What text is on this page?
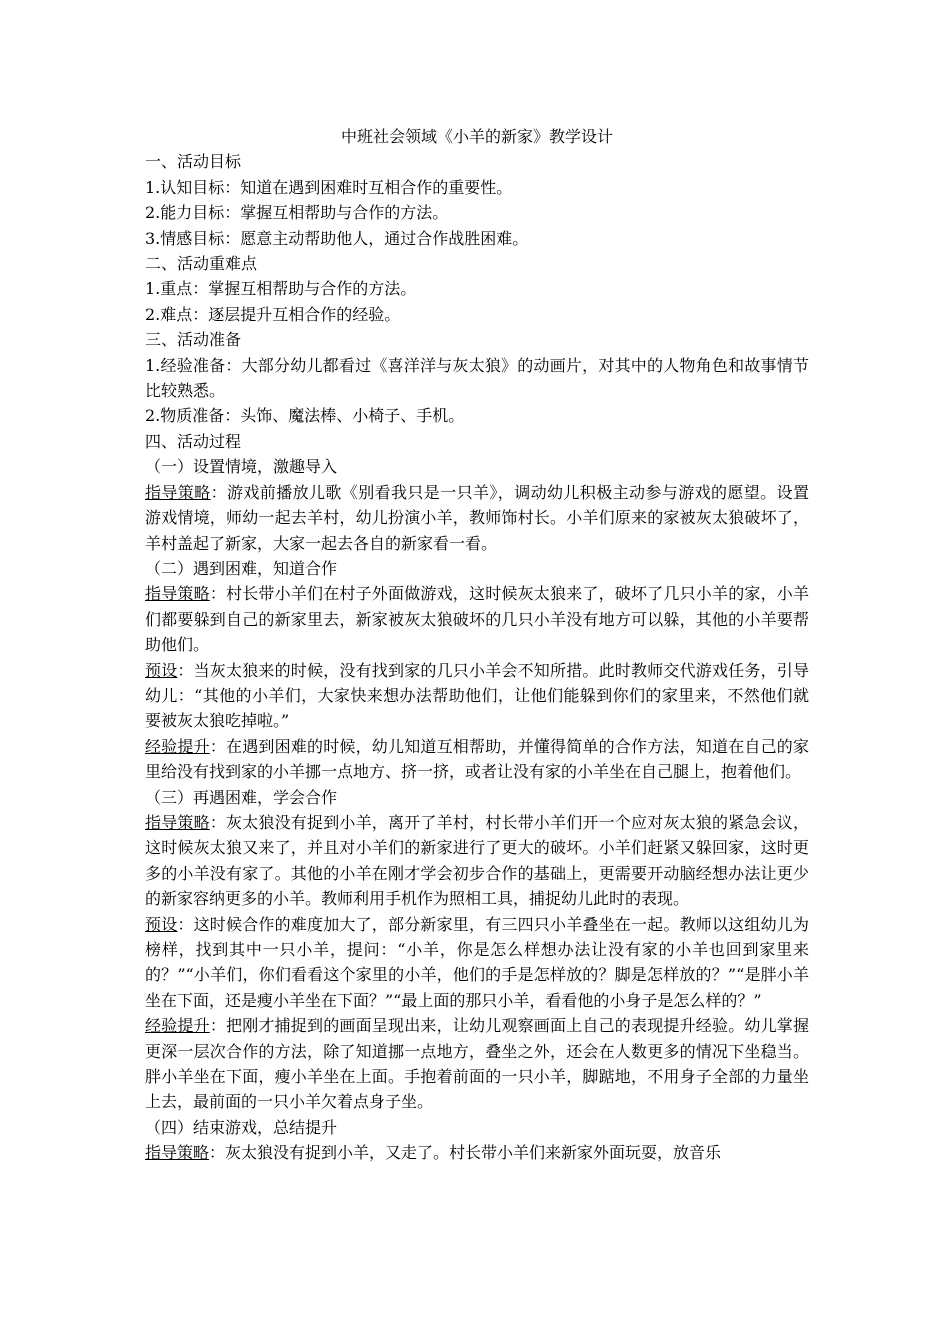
中班社会领域《小羊的新家》教学设计

一、活动目标

1.认知目标：知道在遇到困难时互相合作的重要性。

2.能力目标：掌握互相帮助与合作的方法。

3.情感目标：愿意主动帮助他人，通过合作战胜困难。

二、活动重难点

1.重点：掌握互相帮助与合作的方法。

2.难点：逐层提升互相合作的经验。

三、活动准备

1.经验准备：大部分幼儿都看过《喜洋洋与灰太狼》的动画片，对其中的人物角色和故事情节比较熟悉。

2.物质准备：头饰、魔法棒、小椅子、手机。

四、活动过程

（一）设置情境，激趣导入

指导策略：游戏前播放儿歌《别看我只是一只羊》，调动幼儿积极主动参与游戏的愿望。设置游戏情境，师幼一起去羊村，幼儿扮演小羊，教师饰村长。小羊们原来的家被灰太狼破坏了，羊村盖起了新家，大家一起去各自的新家看一看。

（二）遇到困难，知道合作

指导策略：村长带小羊们在村子外面做游戏，这时候灰太狼来了，破坏了几只小羊的家，小羊们都要躲到自己的新家里去，新家被灰太狼破坏的几只小羊没有地方可以躲，其他的小羊要帮助他们。

预设：当灰太狼来的时候，没有找到家的几只小羊会不知所措。此时教师交代游戏任务，引导幼儿：“其他的小羊们，大家快来想办法帮助他们，让他们能躲到你们的家里来，不然他们就要被灰太狼吃掉啦。”

经验提升：在遇到困难的时候，幼儿知道互相帮助，并懂得简单的合作方法，知道在自己的家里给没有找到家的小羊挪一点地方、挤一挤，或者让没有家的小羊坐在自己腿上，抱着他们。

（三）再遇困难，学会合作

指导策略：灰太狼没有捉到小羊，离开了羊村，村长带小羊们开一个应对灰太狼的紧急会议，这时候灰太狼又来了，并且对小羊们的新家进行了更大的破坏。小羊们赶紧又躲回家，这时更多的小羊没有家了。其他的小羊在刚才学会初步合作的基础上，更需要开动脑经想办法让更少的新家容纳更多的小羊。教师利用手机作为照相工具，捕捉幼儿此时的表现。

预设：这时候合作的难度加大了，部分新家里，有三四只小羊叠坐在一起。教师以这组幼儿为榜样，找到其中一只小羊，提问：“小羊，你是怎么样想办法让没有家的小羊也回到家里来的？”“小羊们，你们看看这个家里的小羊，他们的手是怎样放的？脚是怎样放的？”“是胖小羊坐在下面，还是瘦小羊坐在下面？”“最上面的那只小羊，看看他的小身子是怎么样的？”

经验提升：把刚才捕捉到的画面呈现出来，让幼儿观察画面上自己的表现提升经验。幼儿掌握更深一层次合作的方法，除了知道挪一点地方，叠坐之外，还会在人数更多的情况下坐稳当。胖小羊坐在下面，瘦小羊坐在上面。手抱着前面的一只小羊，脚踮地，不用身子全部的力量坐上去，最前面的一只小羊欠着点身子坐。

（四）结束游戏，总结提升

指导策略：灰太狼没有捉到小羊，又走了。村长带小羊们来新家外面玩耍，放音乐
